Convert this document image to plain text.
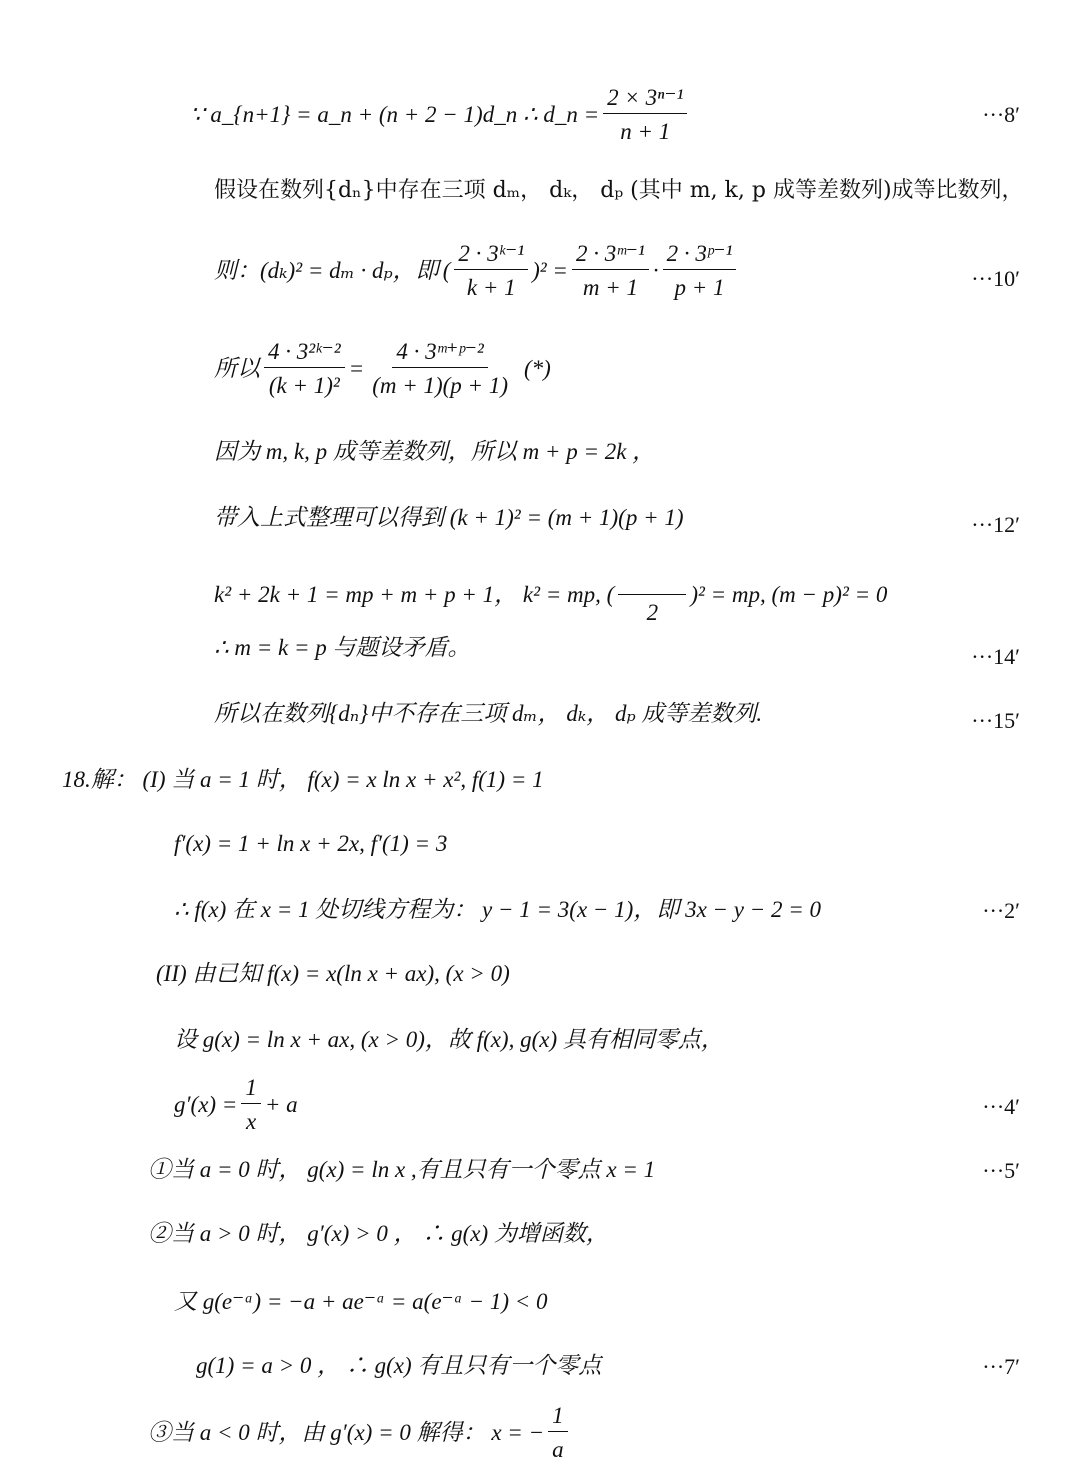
∵ a_{n+1} = a_n + (n + 2 − 1)d_n ∴ d_n = $\frac{\text{2 × 3ⁿ⁻¹}}{n + 1}$	···8′
假设在数列{dₙ}中存在三项 dₘ， dₖ， dₚ (其中 m, k, p 成等差数列)成等比数列，
则：(dₖ)² = dₘ · dₚ，即 ( $\frac{\text{2 · 3ᵏ⁻¹}}{k + 1} )^2 = \frac{\text{2 · 3ᵐ⁻¹}}{m + 1} \cdot \frac{\text{2 · 3ᵖ⁻¹}}{p + 1}$	···10′
所以 $\frac{\text{4 · 3²ᵏ⁻²}}{\text{(k + 1)²}} = \frac{\text{4 · 3ᵐ⁺ᵖ⁻²}}{(m + 1)(p + 1)}$ (*)
因为 m, k, p 成等差数列，所以 m + p = 2k ，
带入上式整理可以得到 (k + 1)² = (m + 1)(p + 1)	···12′
k² + 2k + 1 = mp + m + p + 1， k² = mp, (
2
)² = mp, (m − p)² = 0
∴ m = k = p 与题设矛盾。	···14′
所以在数列{dₙ}中不存在三项 dₘ， dₖ， dₚ 成等差数列.	···15′
18.解： (I) 当 a = 1 时， f(x) = x ln x + x², f(1) = 1
f′(x) = 1 + ln x + 2x, f′(1) = 3
∴ f(x) 在 x = 1 处切线方程为： y − 1 = 3(x − 1)，即 3x − y − 2 = 0	···2′
(II) 由已知 f(x) = x(ln x + ax), (x > 0)
设 g(x) = ln x + ax, (x > 0)，故 f(x), g(x) 具有相同零点，
$g'(x) = \frac{1}{x} + a$	···4′
①当 a = 0 时， g(x) = ln x ,有且只有一个零点 x = 1	···5′
②当 a > 0 时， g′(x) > 0 ， ∴ g(x) 为增函数，
又 g(e⁻ᵃ) = −a + ae⁻ᵃ = a(e⁻ᵃ − 1) < 0
g(1) = a > 0 ， ∴ g(x) 有且只有一个零点	···7′
③当 a < 0 时，由 g′(x) = 0 解得： x = − $\frac{1}{a}$
